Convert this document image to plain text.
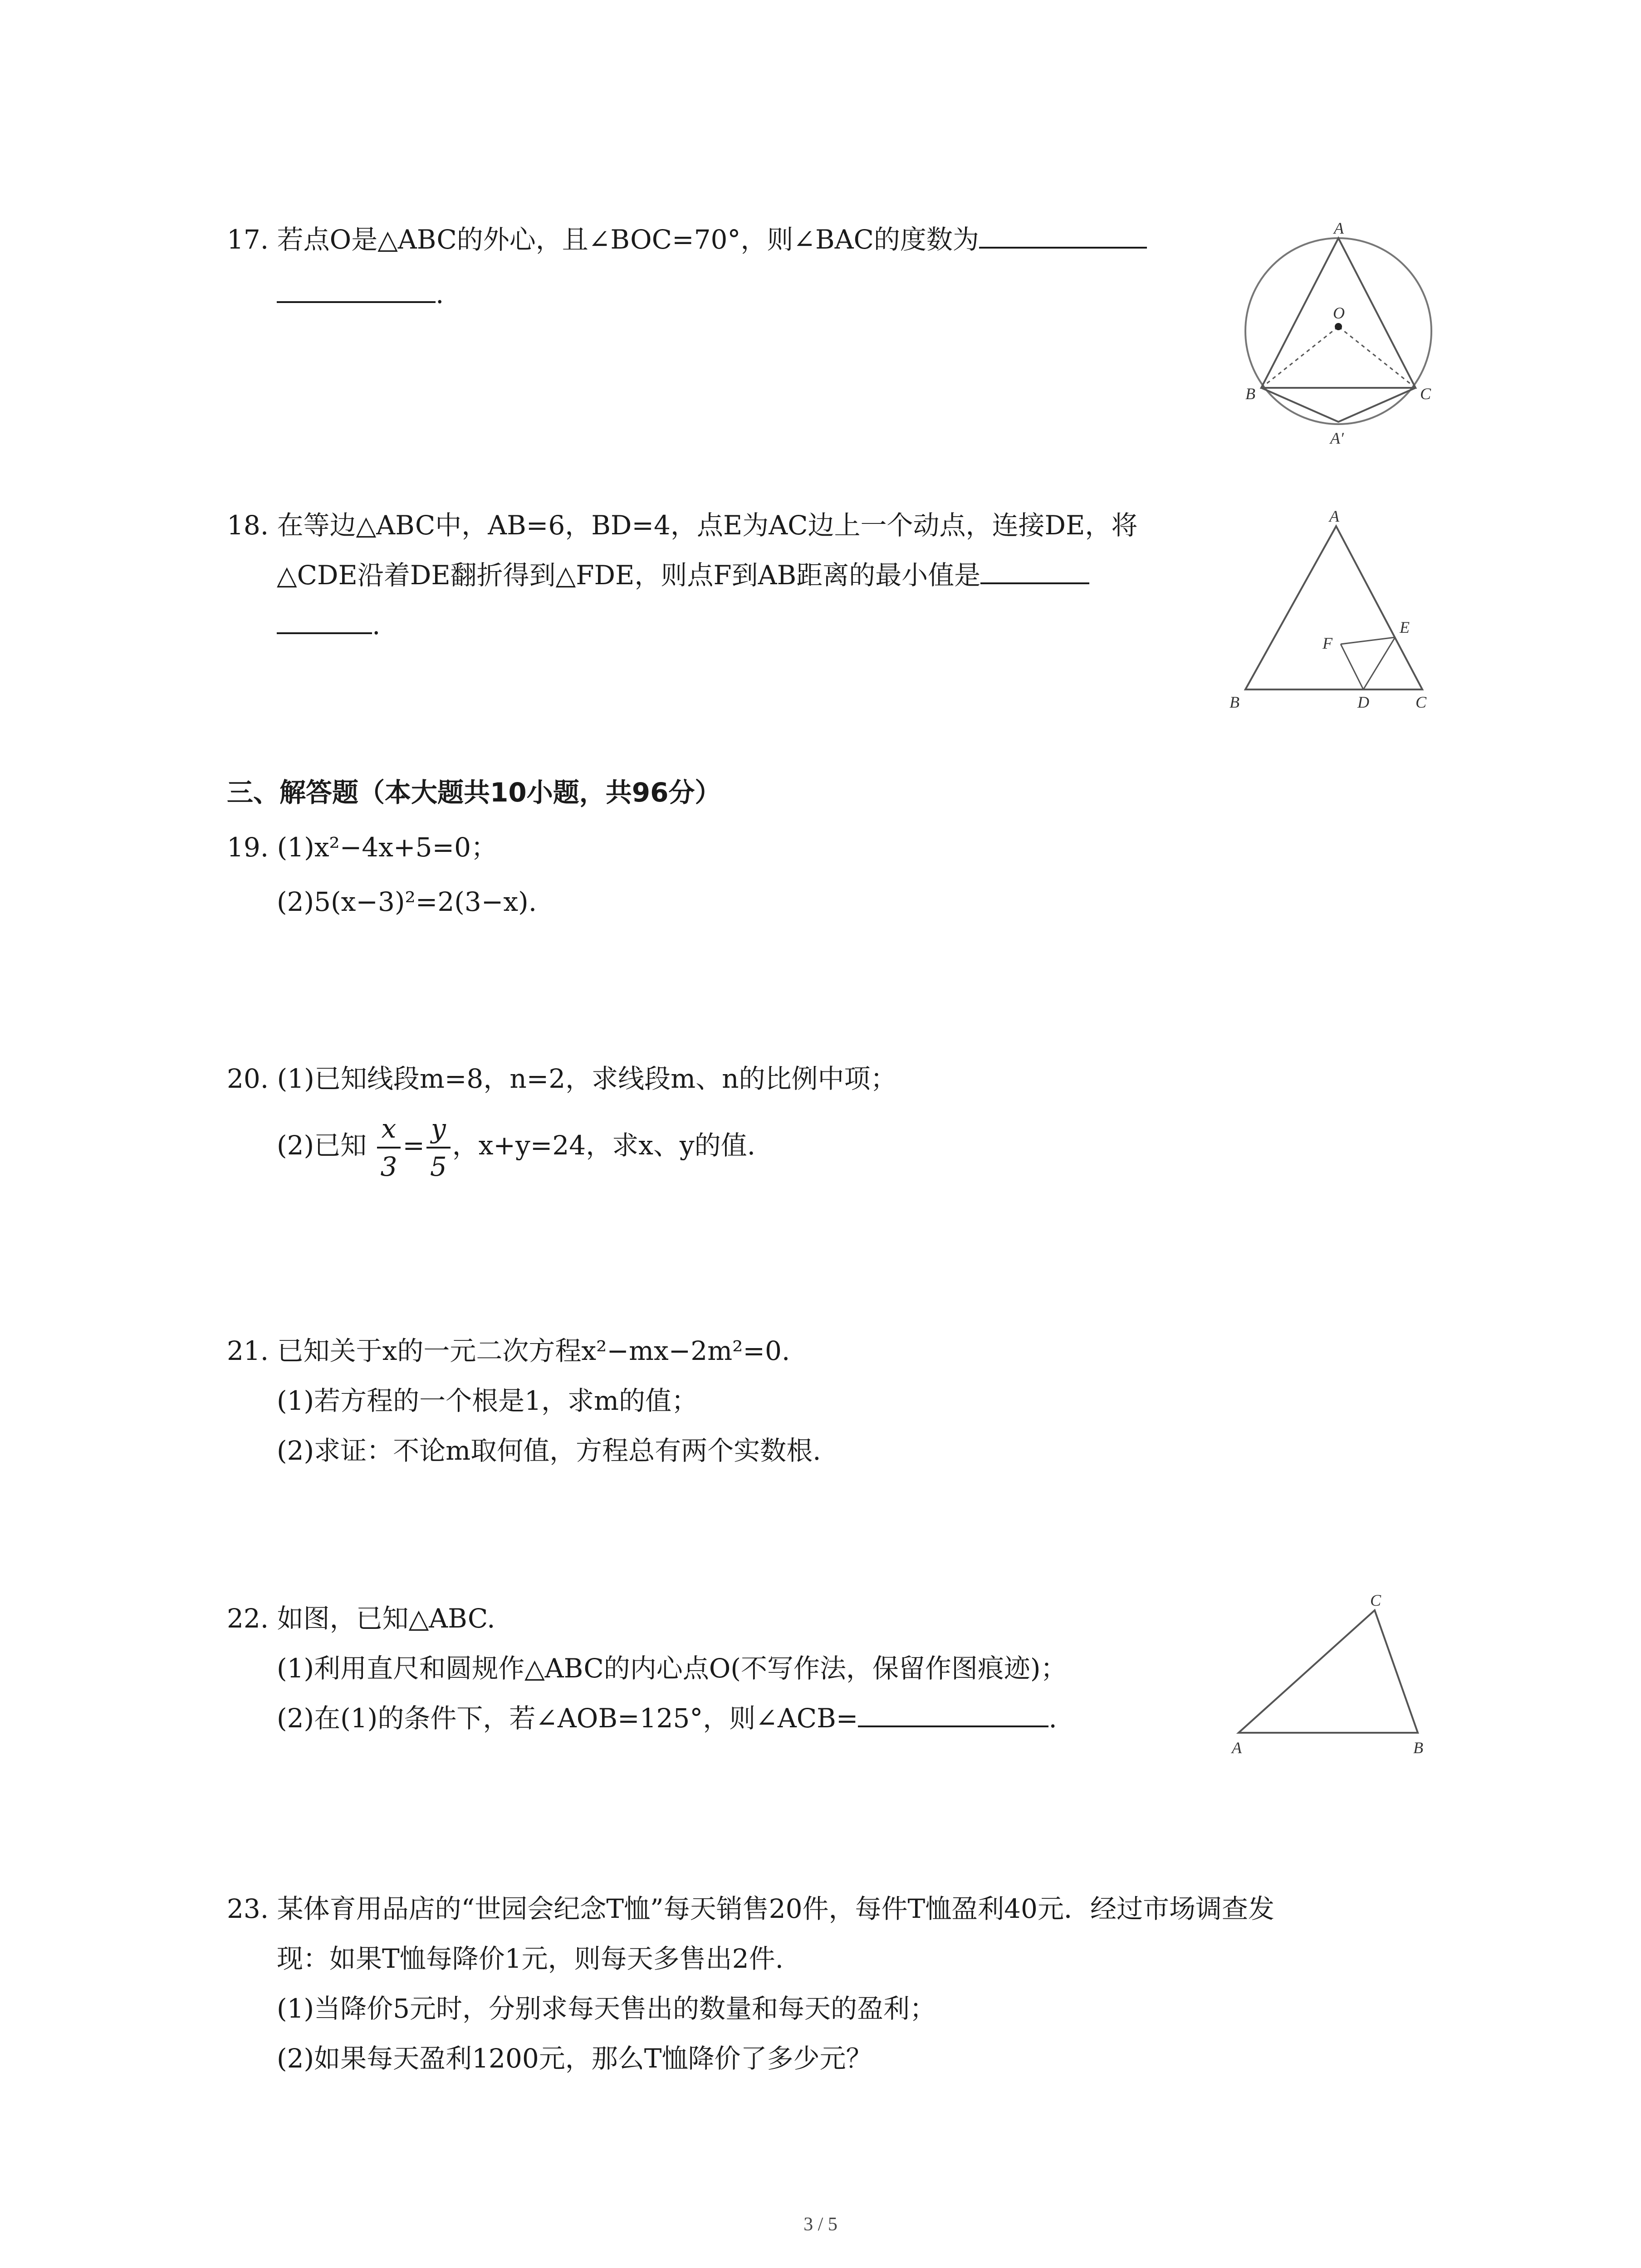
17. 若点O是△ABC的外心，且∠BOC=70°，则∠BAC的度数为
.
A
O
B	C
A′
18. 在等边△ABC中，AB=6，BD=4，点E为AC边上一个动点，连接DE，将
△CDE沿着DE翻折得到△FDE，则点F到AB距离的最小值是
.
A
B	D	C
E
F
三、解答题（本大题共10小题，共96分）
19. (1)x²−4x+5=0；
(2)5(x−3)²=2(3−x).
20. (1)已知线段m=8，n=2，求线段m、n的比例中项；
(2)已知 $\frac{x}{3} = \frac{y}{5}$ ，x+y=24，求x、y的值.
21. 已知关于x的一元二次方程x²−mx−2m²=0.
(1)若方程的一个根是1，求m的值；
(2)求证：不论m取何值，方程总有两个实数根.
22. 如图，已知△ABC.
(1)利用直尺和圆规作△ABC的内心点O(不写作法，保留作图痕迹)；
(2)在(1)的条件下，若∠AOB=125°，则∠ACB=	.
C
A	B
23. 某体育用品店的“世园会纪念T恤”每天销售20件，每件T恤盈利40元．经过市场调查发
现：如果T恤每降价1元，则每天多售出2件.
(1)当降价5元时，分别求每天售出的数量和每天的盈利；
(2)如果每天盈利1200元，那么T恤降价了多少元？
3 / 5
